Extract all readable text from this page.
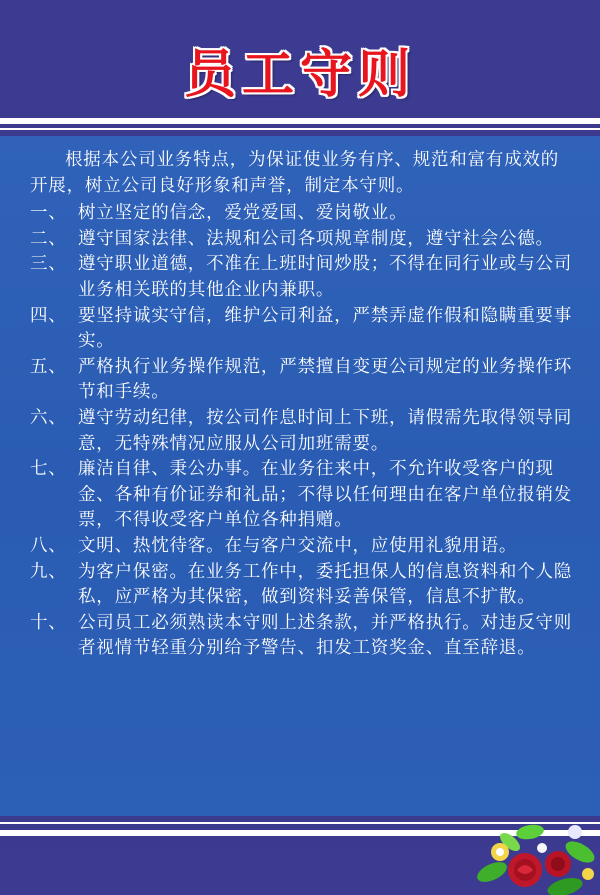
员工守则

根据本公司业务特点，为保证使业务有序、规范和富有成效的开展，树立公司良好形象和声誉，制定本守则。

一、 树立坚定的信念，爱党爱国、爱岗敬业。
二、 遵守国家法律、法规和公司各项规章制度，遵守社会公德。
三、 遵守职业道德，不准在上班时间炒股；不得在同行业或与公司业务相关联的其他企业内兼职。
四、 要坚持诚实守信，维护公司利益，严禁弄虚作假和隐瞒重要事实。
五、 严格执行业务操作规范，严禁擅自变更公司规定的业务操作环节和手续。
六、 遵守劳动纪律，按公司作息时间上下班，请假需先取得领导同意，无特殊情况应服从公司加班需要。
七、 廉洁自律、秉公办事。在业务往来中，不允许收受客户的现金、各种有价证券和礼品；不得以任何理由在客户单位报销发票，不得收受客户单位各种捐赠。
八、 文明、热忱待客。在与客户交流中，应使用礼貌用语。
九、 为客户保密。在业务工作中，委托担保人的信息资料和个人隐私，应严格为其保密，做到资料妥善保管，信息不扩散。
十、 公司员工必须熟读本守则上述条款，并严格执行。对违反守则者视情节轻重分别给予警告、扣发工资奖金、直至辞退。
